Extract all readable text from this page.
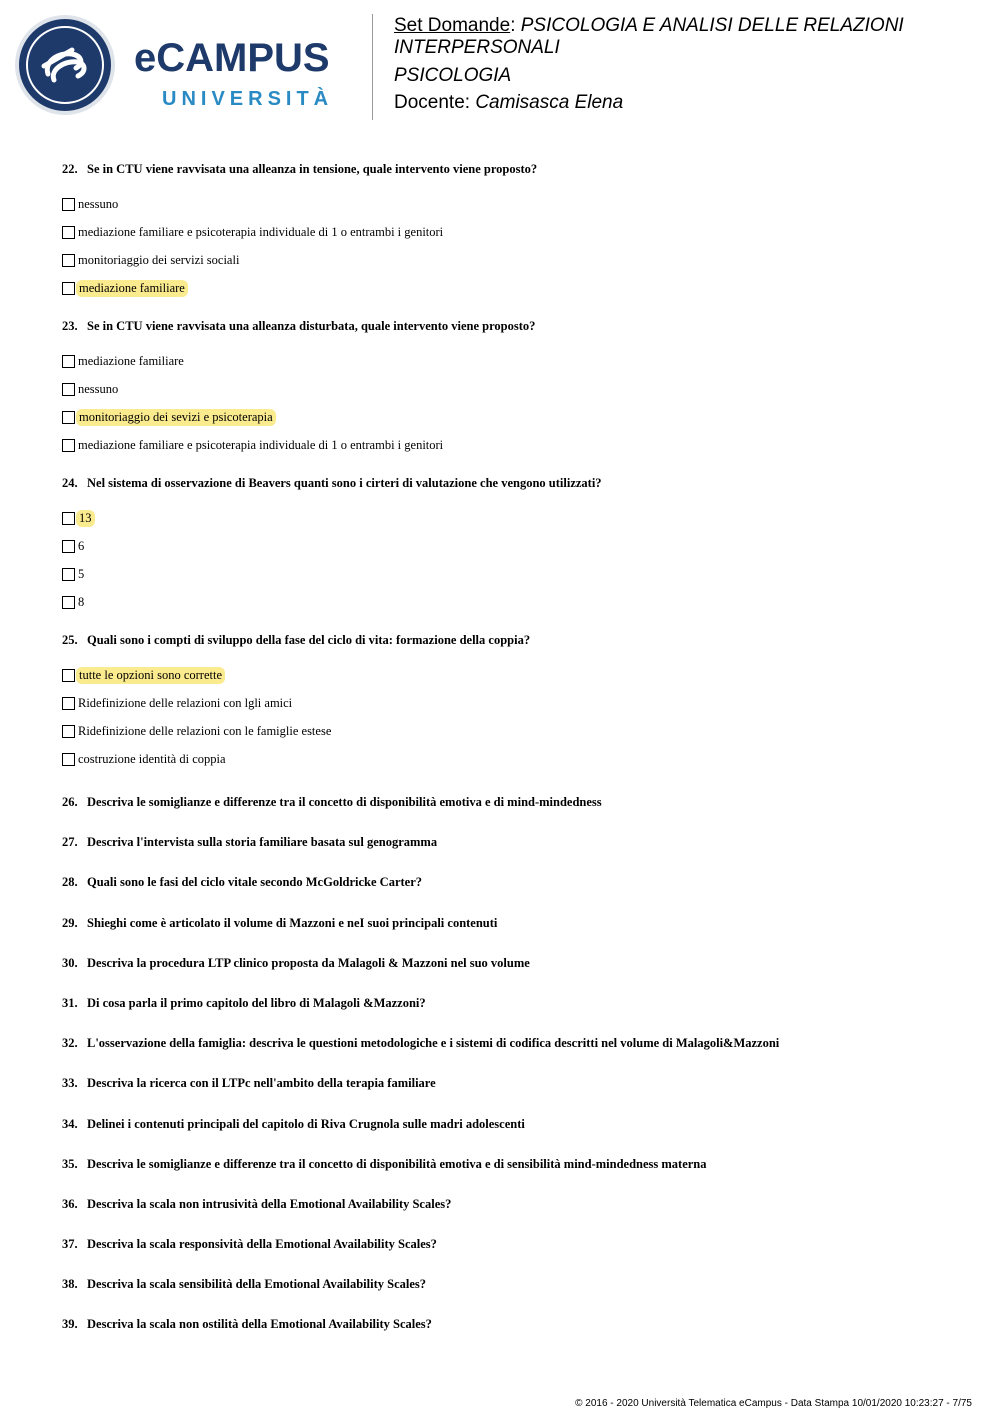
eCAMPUS
UNIVERSITÀ
Set Domande: PSICOLOGIA E ANALISI DELLE RELAZIONI INTERPERSONALI
PSICOLOGIA
Docente: Camisasca Elena
22. Se in CTU viene ravvisata una alleanza in tensione, quale intervento viene proposto?
nessuno
mediazione familiare e psicoterapia individuale di 1 o entrambi i genitori
monitoriaggio dei servizi sociali
mediazione familiare
23. Se in CTU viene ravvisata una alleanza disturbata, quale intervento viene proposto?
mediazione familiare
nessuno
monitoriaggio dei sevizi e psicoterapia
mediazione familiare e psicoterapia individuale di 1 o entrambi i genitori
24. Nel sistema di osservazione di Beavers quanti sono i cirteri di valutazione che vengono utilizzati?
13
6
5
8
25. Quali sono i compti di sviluppo della fase del ciclo di vita: formazione della coppia?
tutte le opzioni sono corrette
Ridefinizione delle relazioni con lgli amici
Ridefinizione delle relazioni con le famiglie estese
costruzione identità di coppia
26. Descriva le somiglianze e differenze tra il concetto di disponibilità emotiva e di mind-mindedness
27. Descriva l'intervista sulla storia familiare basata sul genogramma
28. Quali sono le fasi del ciclo vitale secondo McGoldricke Carter?
29. Shieghi come è articolato il volume di Mazzoni e neI suoi principali contenuti
30. Descriva la procedura LTP clinico proposta da Malagoli & Mazzoni nel suo volume
31. Di cosa parla il primo capitolo del libro di Malagoli &Mazzoni?
32. L'osservazione della famiglia: descriva le questioni metodologiche e i sistemi di codifica descritti nel volume di Malagoli&Mazzoni
33. Descriva la ricerca con il LTPc nell'ambito della terapia familiare
34. Delinei i contenuti principali del capitolo di Riva Crugnola sulle madri adolescenti
35. Descriva le somiglianze e differenze tra il concetto di disponibilità emotiva e di sensibilità mind-mindedness materna
36. Descriva la scala non intrusività della Emotional Availability Scales?
37. Descriva la scala responsività della Emotional Availability Scales?
38. Descriva la scala sensibilità della Emotional Availability Scales?
39. Descriva la scala non ostilità della Emotional Availability Scales?
© 2016 - 2020 Università Telematica eCampus - Data Stampa 10/01/2020 10:23:27 - 7/75
